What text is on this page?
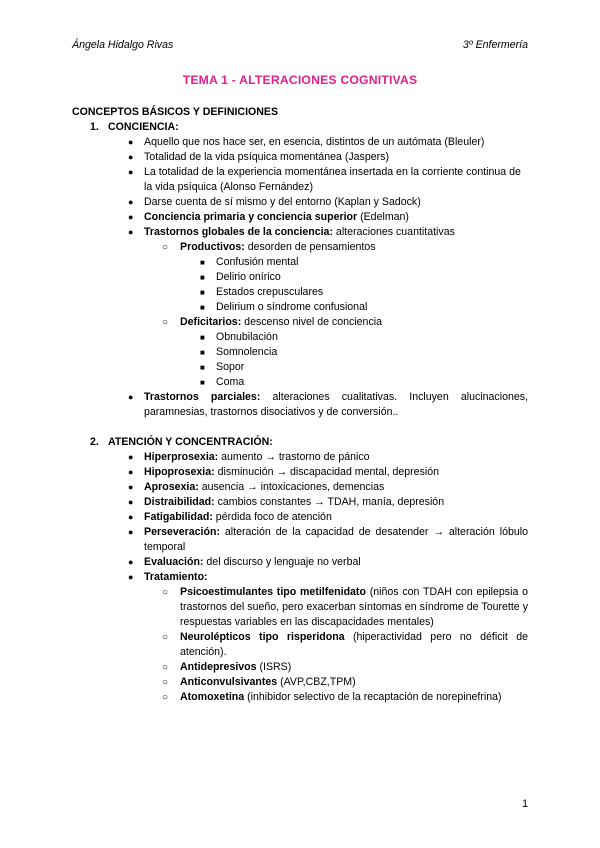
Ángela Hidalgo Rivas	3º Enfermería
TEMA 1 - ALTERACIONES COGNITIVAS

CONCEPTOS BÁSICOS Y DEFINICIONES

1. CONCIENCIA:
● Aquello que nos hace ser, en esencia, distintos de un autómata (Bleuler)
● Totalidad de la vida psíquica momentánea (Jaspers)
● La totalidad de la experiencia momentánea insertada en la corriente continua de la vida psíquica (Alonso Fernández)
● Darse cuenta de sí mismo y del entorno (Kaplan y Sadock)
● Conciencia primaria y conciencia superior (Edelman)
● Trastornos globales de la conciencia: alteraciones cuantitativas
○ Productivos: desorden de pensamientos
■ Confusión mental
■ Delirio onírico
■ Estados crepusculares
■ Delirium o síndrome confusional
○ Deficitarios: descenso nivel de conciencia
■ Obnubilación
■ Somnolencia
■ Sopor
■ Coma
● Trastornos parciales: alteraciones cualitativas. Incluyen alucinaciones, paramnesias, trastornos disociativos y de conversión..
2. ATENCIÓN Y CONCENTRACIÓN:
● Hiperprosexia: aumento → trastorno de pánico
● Hipoprosexia: disminución → discapacidad mental, depresión
● Aprosexia: ausencia → intoxicaciones, demencias
● Distraibilidad: cambios constantes → TDAH, manía, depresión
● Fatigabilidad: pérdida foco de atención
● Perseveración: alteración de la capacidad de desatender → alteración lóbulo temporal
● Evaluación: del discurso y lenguaje no verbal
● Tratamiento:
○ Psicoestimulantes tipo metilfenidato (niños con TDAH con epilepsia o trastornos del sueño, pero exacerban síntomas en síndrome de Tourette y respuestas variables en las discapacidades mentales)
○ Neurolépticos tipo risperidona (hiperactividad pero no déficit de atención).
○ Antidepresivos (ISRS)
○ Anticonvulsivantes (AVP,CBZ,TPM)
○ Atomoxetina (inhibidor selectivo de la recaptación de norepinefrina)
1
